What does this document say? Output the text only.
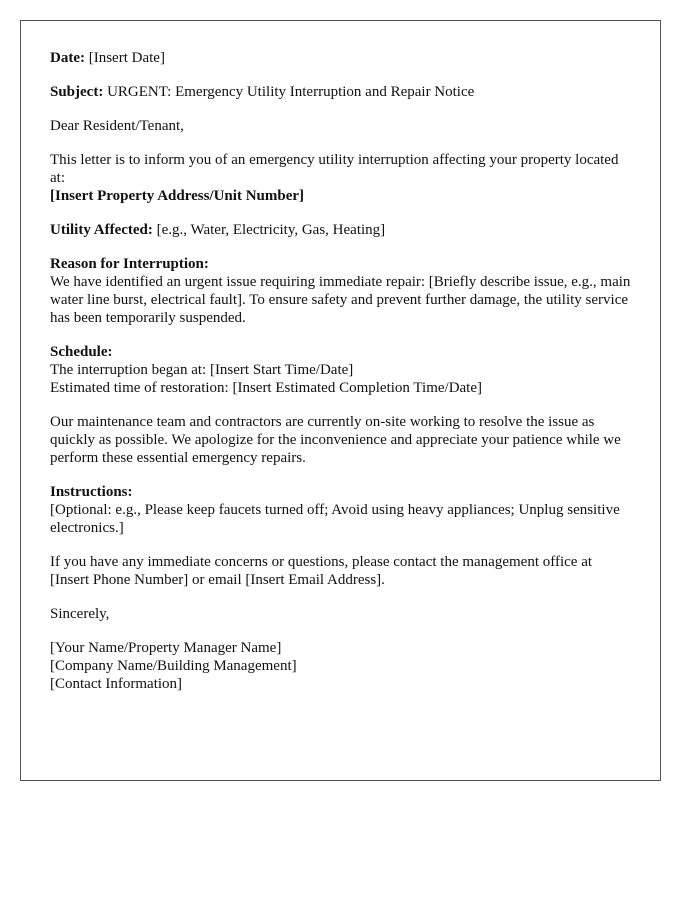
Date: [Insert Date]

Subject: URGENT: Emergency Utility Interruption and Repair Notice

Dear Resident/Tenant,

This letter is to inform you of an emergency utility interruption affecting your property located at:
[Insert Property Address/Unit Number]

Utility Affected: [e.g., Water, Electricity, Gas, Heating]

Reason for Interruption:
We have identified an urgent issue requiring immediate repair: [Briefly describe issue, e.g., main water line burst, electrical fault]. To ensure safety and prevent further damage, the utility service has been temporarily suspended.

Schedule:
The interruption began at: [Insert Start Time/Date]
Estimated time of restoration: [Insert Estimated Completion Time/Date]

Our maintenance team and contractors are currently on-site working to resolve the issue as quickly as possible. We apologize for the inconvenience and appreciate your patience while we perform these essential emergency repairs.

Instructions:
[Optional: e.g., Please keep faucets turned off; Avoid using heavy appliances; Unplug sensitive electronics.]

If you have any immediate concerns or questions, please contact the management office at [Insert Phone Number] or email [Insert Email Address].

Sincerely,

[Your Name/Property Manager Name]
[Company Name/Building Management]
[Contact Information]
